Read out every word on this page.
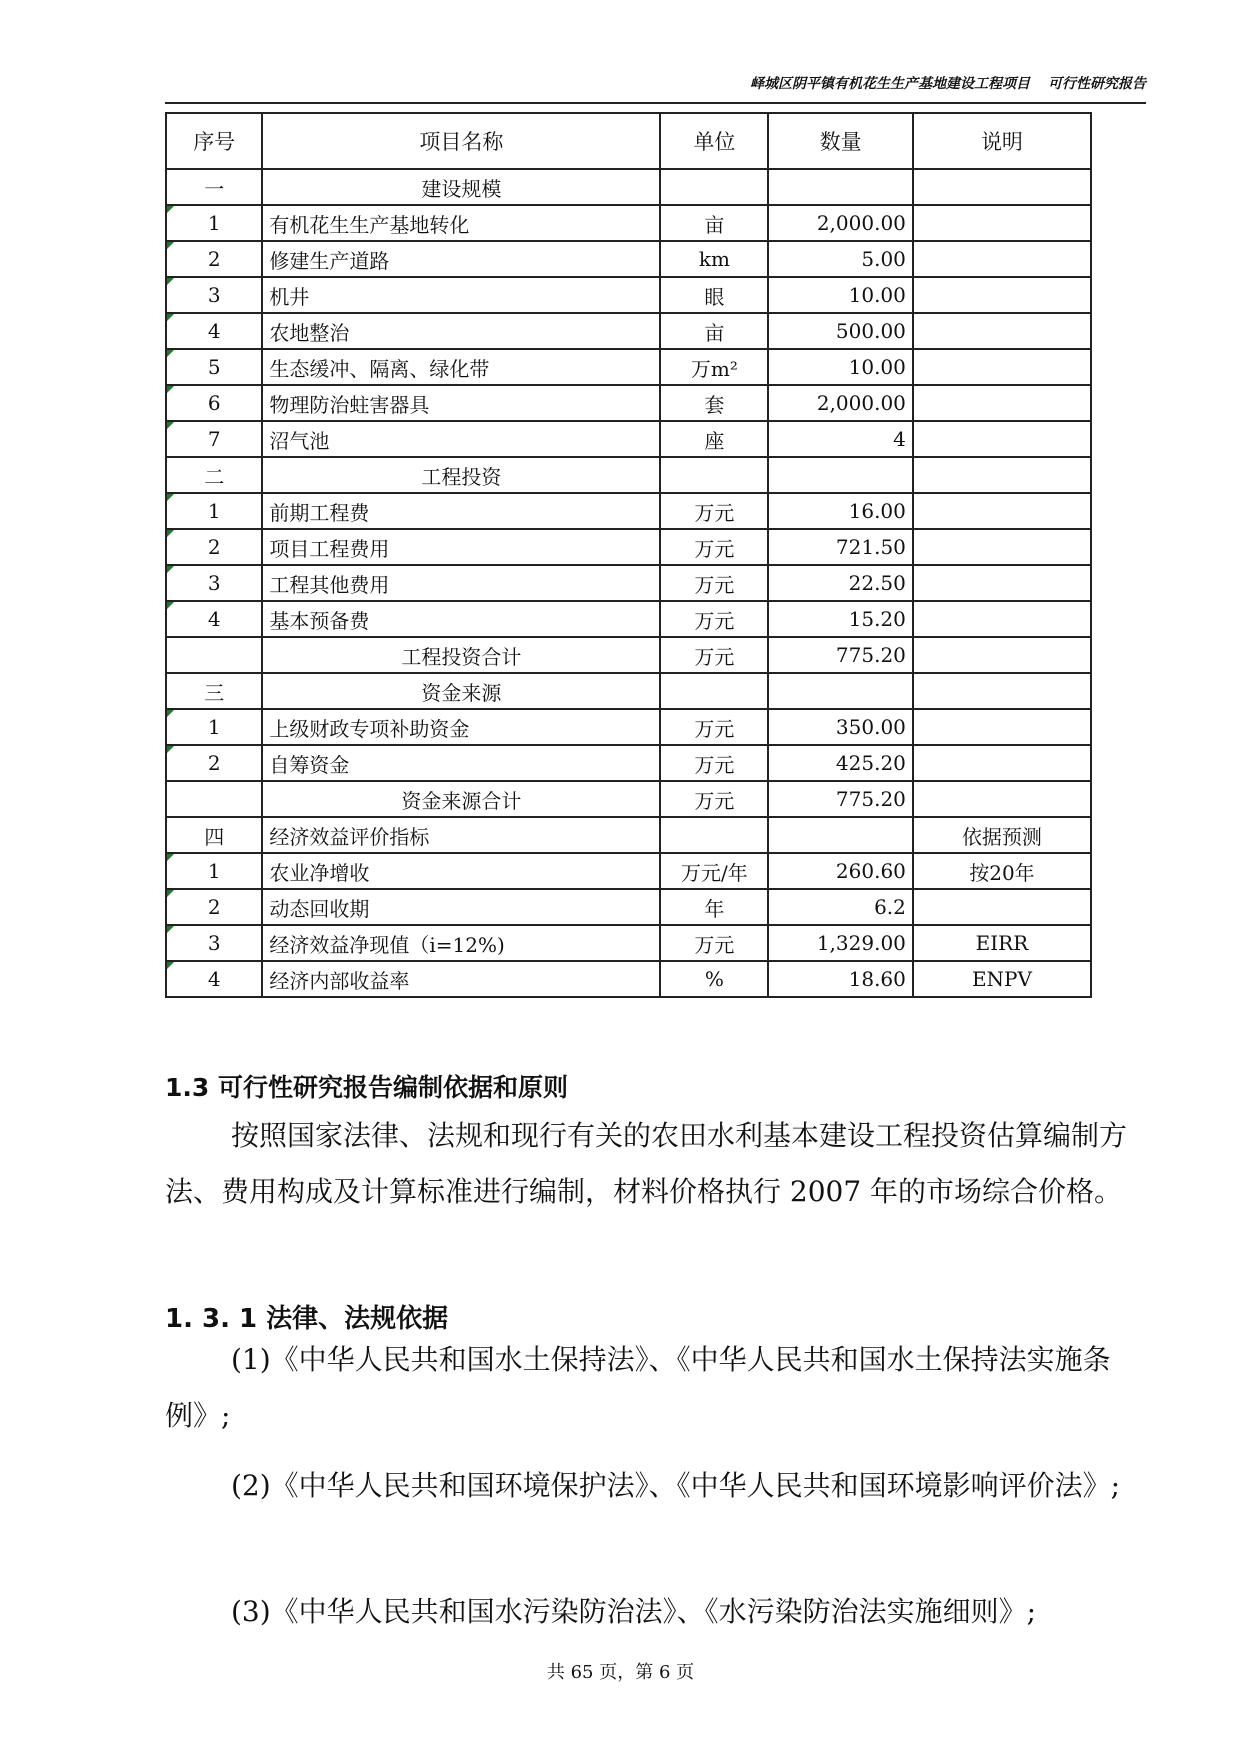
峄城区阴平镇有机花生生产基地建设工程项目 可行性研究报告
序号	项目名称	单位	数量	说明
一	建设规模			
1	有机花生生产基地转化	亩	2,000.00	
2	修建生产道路	km	5.00	
3	机井	眼	10.00	
4	农地整治	亩	500.00	
5	生态缓冲、隔离、绿化带	万m²	10.00	
6	物理防治蛀害器具	套	2,000.00	
7	沼气池	座	4	
二	工程投资			
1	前期工程费	万元	16.00	
2	项目工程费用	万元	721.50	
3	工程其他费用	万元	22.50	
4	基本预备费	万元	15.20	
	工程投资合计	万元	775.20	
三	资金来源			
1	上级财政专项补助资金	万元	350.00	
2	自筹资金	万元	425.20	
	资金来源合计	万元	775.20	
四	经济效益评价指标			依据预测
1	农业净增收	万元/年	260.60	按20年
2	动态回收期	年	6.2	
3	经济效益净现值（i=12%)	万元	1,329.00	EIRR
4	经济内部收益率	%	18.60	ENPV
1.3 可行性研究报告编制依据和原则
按照国家法律、法规和现行有关的农田水利基本建设工程投资估算编制方法、费用构成及计算标准进行编制，材料价格执行 2007 年的市场综合价格。
1. 3. 1 法律、法规依据
(1)《中华人民共和国水土保持法》、《中华人民共和国水土保持法实施条例》;
(2)《中华人民共和国环境保护法》、《中华人民共和国环境影响评价法》;
(3)《中华人民共和国水污染防治法》、《水污染防治法实施细则》;
共 65 页，第 6 页
